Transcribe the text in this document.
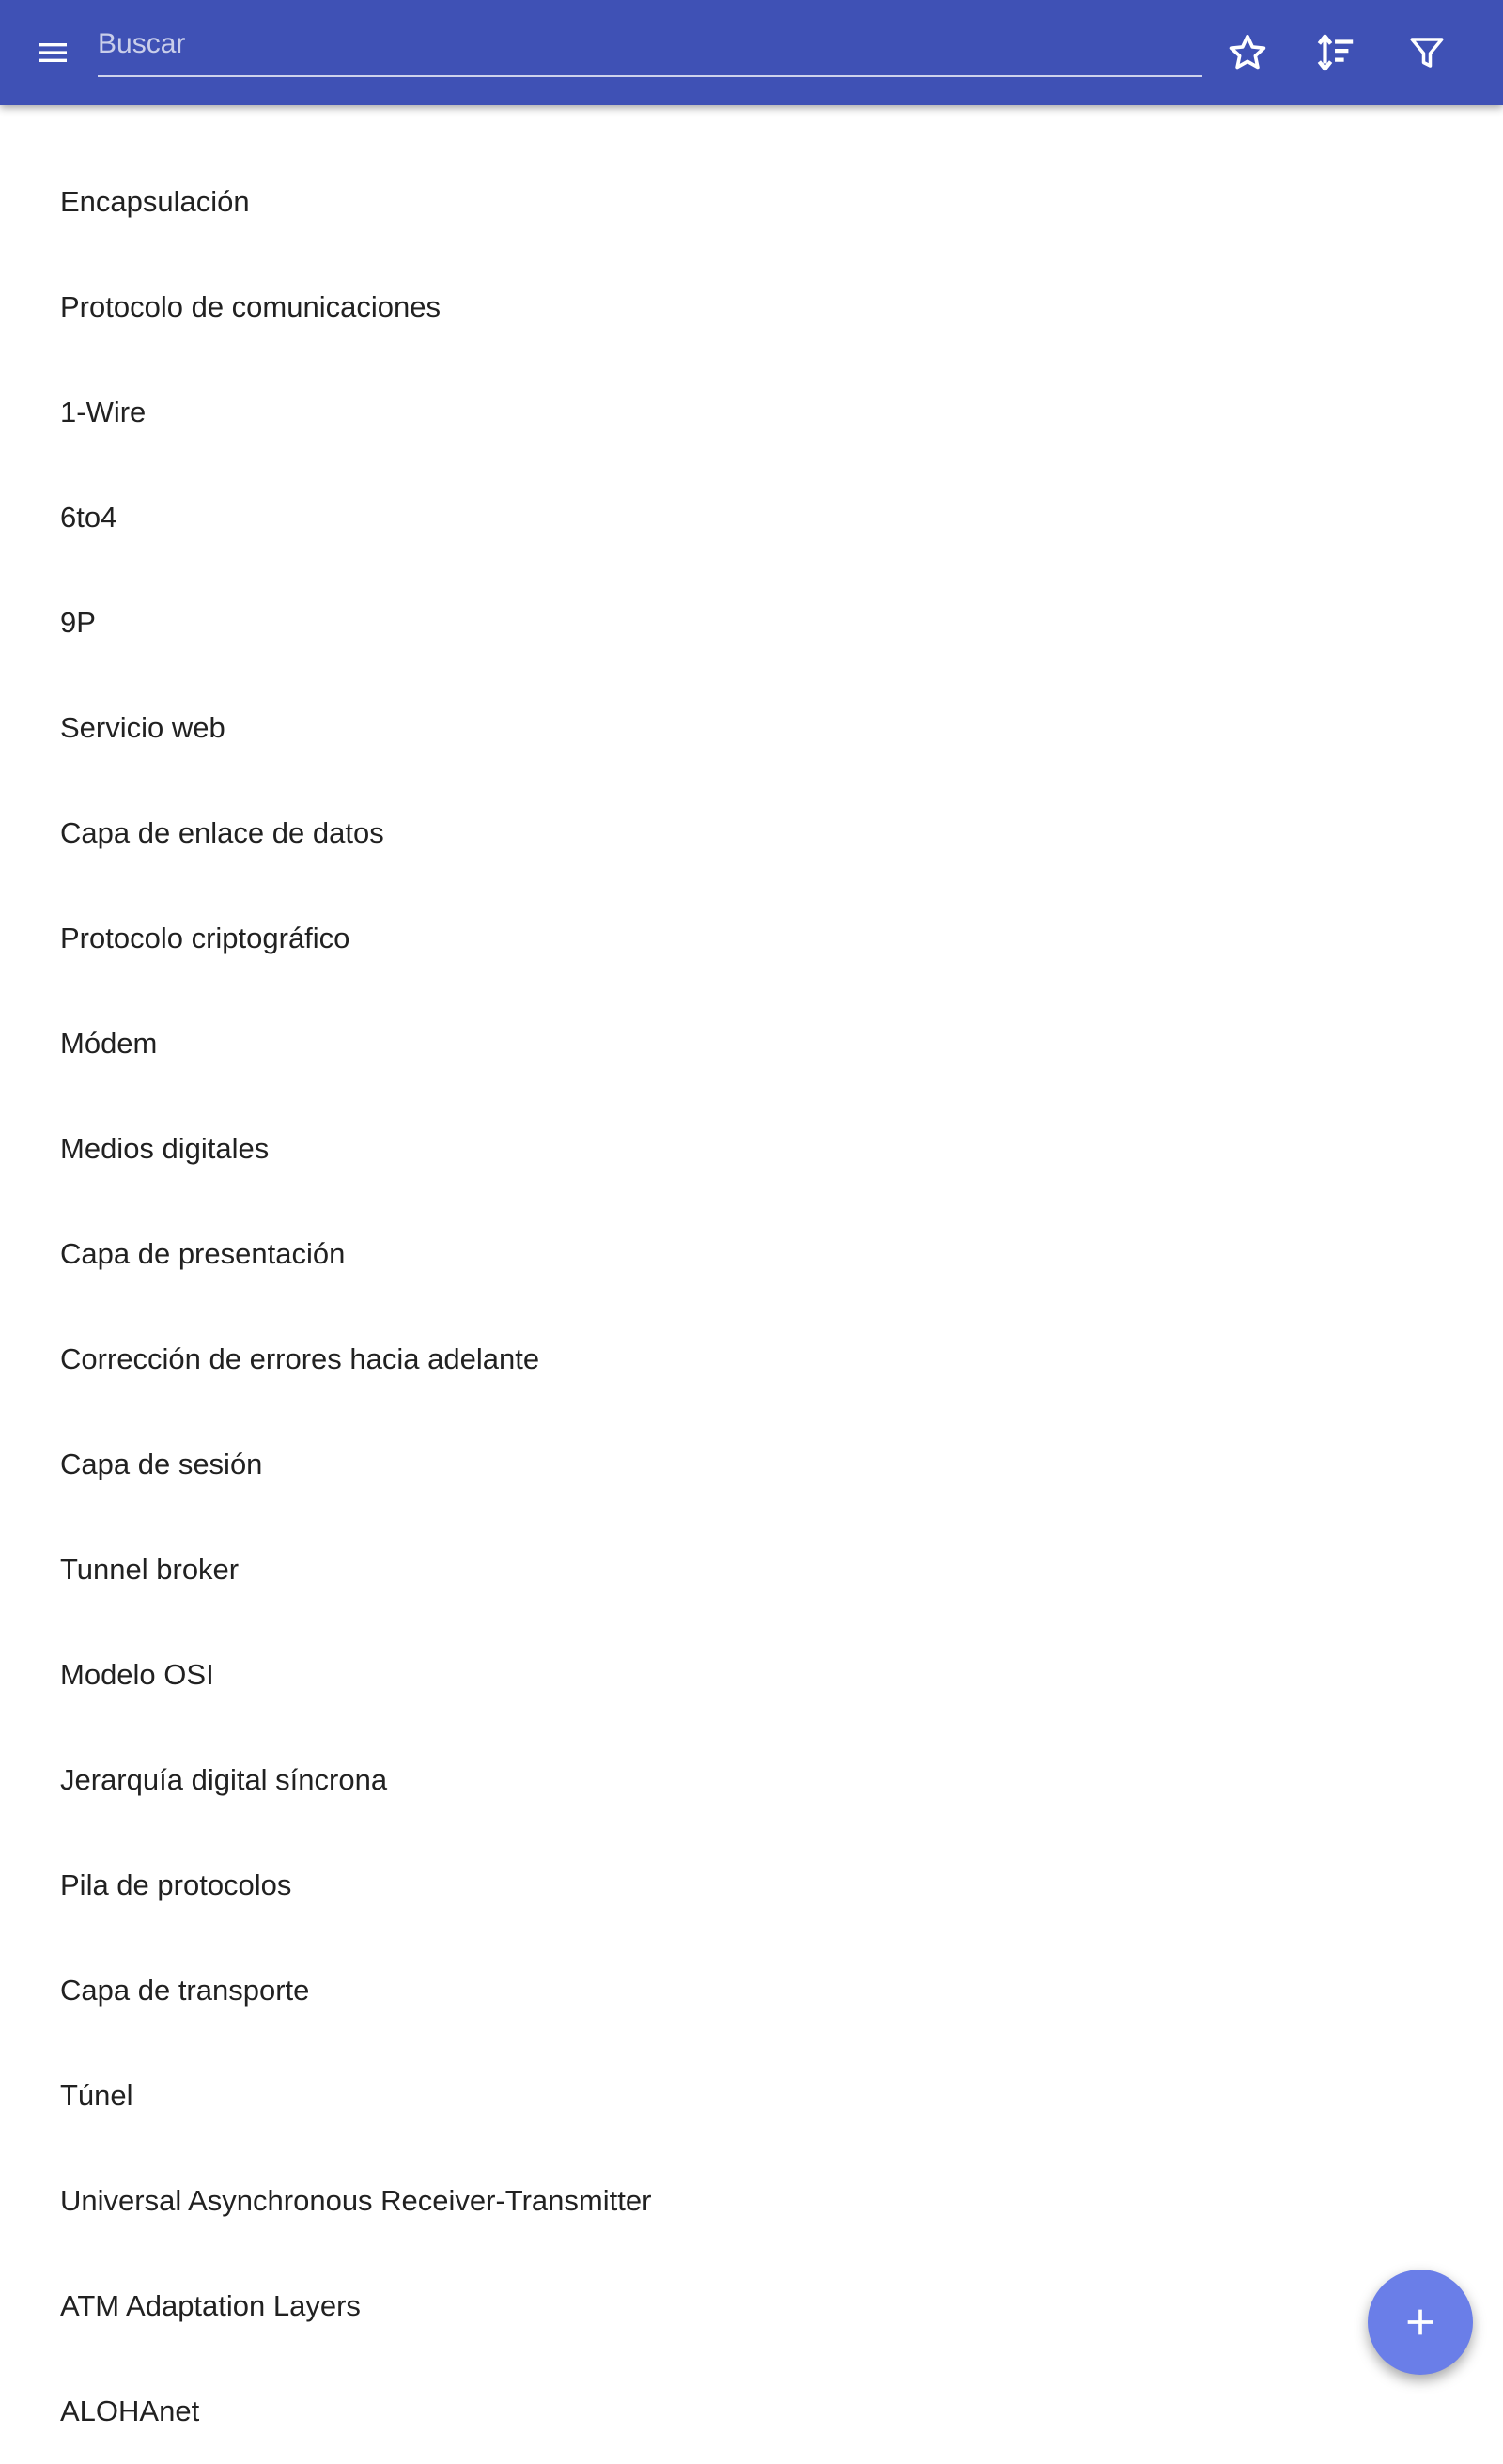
Buscar
Encapsulación
Protocolo de comunicaciones
1-Wire
6to4
9P
Servicio web
Capa de enlace de datos
Protocolo criptográfico
Módem
Medios digitales
Capa de presentación
Corrección de errores hacia adelante
Capa de sesión
Tunnel broker
Modelo OSI
Jerarquía digital síncrona
Pila de protocolos
Capa de transporte
Túnel
Universal Asynchronous Receiver-Transmitter
ATM Adaptation Layers
ALOHAnet
